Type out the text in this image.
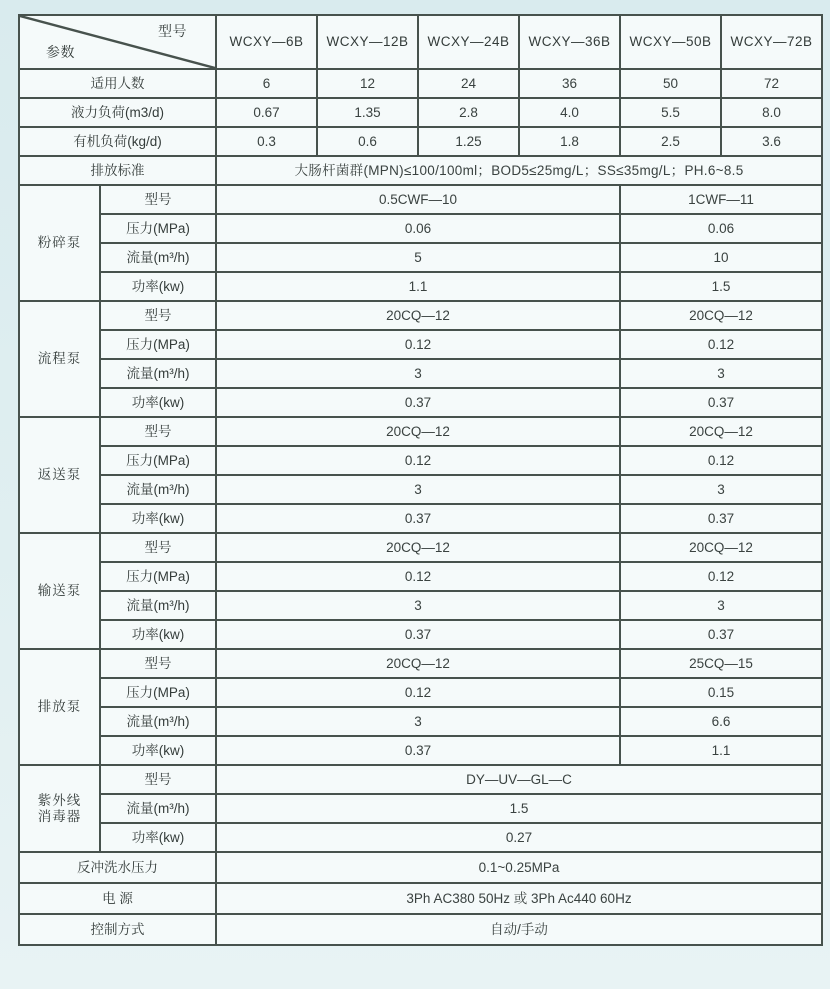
型号
参数		WCXY—6B	WCXY—12B	WCXY—24B	WCXY—36B	WCXY—50B	WCXY—72B
适用人数		6	12	24	36	50	72
液力负荷(m3/d)		0.67	1.35	2.8	4.0	5.5	8.0
有机负荷(kg/d)		0.3	0.6	1.25	1.8	2.5	3.6
排放标准		大肠杆菌群(MPN)≤100/100ml；BOD5≤25mg/L；SS≤35mg/L；PH.6~8.5					
粉碎泵	型号	0.5CWF—10				1CWF—11	
	压力(MPa)	0.06				0.06	
	流量(m³/h)	5				10	
	功率(kw)	1.1				1.5	
流程泵	型号	20CQ—12				20CQ—12	
	压力(MPa)	0.12				0.12	
	流量(m³/h)	3				3	
	功率(kw)	0.37				0.37	
返送泵	型号	20CQ—12				20CQ—12	
	压力(MPa)	0.12				0.12	
	流量(m³/h)	3				3	
	功率(kw)	0.37				0.37	
输送泵	型号	20CQ—12				20CQ—12	
	压力(MPa)	0.12				0.12	
	流量(m³/h)	3				3	
	功率(kw)	0.37				0.37	
排放泵	型号	20CQ—12				25CQ—15	
	压力(MPa)	0.12				0.15	
	流量(m³/h)	3				6.6	
	功率(kw)	0.37				1.1	

紫外线
消毒器	型号	DY—UV—GL—C					
	流量(m³/h)	1.5					
	功率(kw)	0.27					
反冲洗水压力		0.1~0.25MPa					
电 源		3Ph AC380 50Hz 或 3Ph Ac440 60Hz					
控制方式		自动/手动					
